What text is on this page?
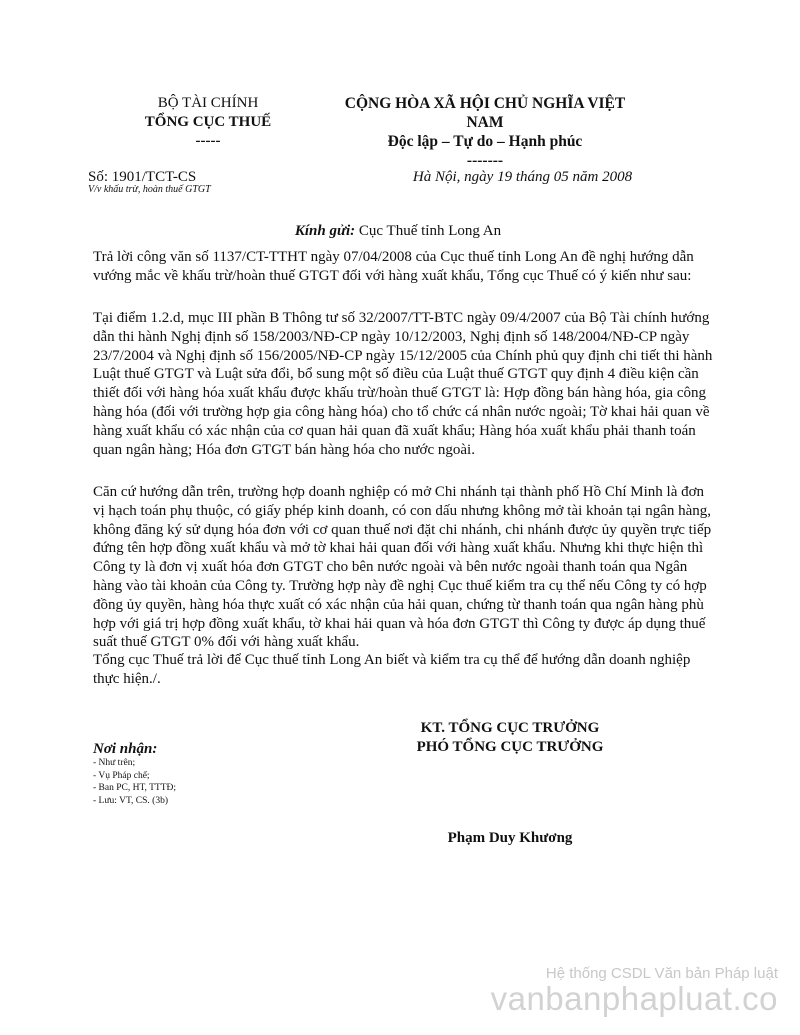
BỘ TÀI CHÍNH
TỔNG CỤC THUẾ
-----
CỘNG HÒA XÃ HỘI CHỦ NGHĨA VIỆT
NAM
Độc lập – Tự do – Hạnh phúc
-------
Số: 1901/TCT-CS
V/v khấu trừ, hoàn thuế GTGT
Hà Nội, ngày 19 tháng 05 năm 2008
Kính gửi: Cục Thuế tỉnh Long An
Trả lời công văn số 1137/CT-TTHT ngày 07/04/2008 của Cục thuế tỉnh Long An đề nghị hướng dẫn vướng mắc về khấu trừ/hoàn thuế GTGT đối với hàng xuất khẩu, Tổng cục Thuế có ý kiến như sau:
Tại điểm 1.2.d, mục III phần B Thông tư số 32/2007/TT-BTC ngày 09/4/2007 của Bộ Tài chính hướng dẫn thi hành Nghị định số 158/2003/NĐ-CP ngày 10/12/2003, Nghị định số 148/2004/NĐ-CP ngày 23/7/2004 và Nghị định số 156/2005/NĐ-CP ngày 15/12/2005 của Chính phủ quy định chi tiết thi hành Luật thuế GTGT và Luật sửa đổi, bổ sung một số điều của Luật thuế GTGT quy định 4 điều kiện cần thiết đối với hàng hóa xuất khẩu được khấu trừ/hoàn thuế GTGT là: Hợp đồng bán hàng hóa, gia công hàng hóa (đối với trường hợp gia công hàng hóa) cho tổ chức cá nhân nước ngoài; Tờ khai hải quan về hàng xuất khẩu có xác nhận của cơ quan hải quan đã xuất khẩu; Hàng hóa xuất khẩu phải thanh toán quan ngân hàng; Hóa đơn GTGT bán hàng hóa cho nước ngoài.
Căn cứ hướng dẫn trên, trường hợp doanh nghiệp có mở Chi nhánh tại thành phố Hồ Chí Minh là đơn vị hạch toán phụ thuộc, có giấy phép kinh doanh, có con dấu nhưng không mở tài khoản tại ngân hàng, không đăng ký sử dụng hóa đơn với cơ quan thuế nơi đặt chi nhánh, chi nhánh được ủy quyền trực tiếp đứng tên hợp đồng xuất khẩu và mở tờ khai hải quan đối với hàng xuất khẩu. Nhưng khi thực hiện thì Công ty là đơn vị xuất hóa đơn GTGT cho bên nước ngoài và bên nước ngoài thanh toán qua Ngân hàng vào tài khoản của Công ty. Trường hợp này đề nghị Cục thuế kiểm tra cụ thể nếu Công ty có hợp đồng ủy quyền, hàng hóa thực xuất có xác nhận của hải quan, chứng từ thanh toán qua ngân hàng phù hợp với giá trị hợp đồng xuất khẩu, tờ khai hải quan và hóa đơn GTGT thì Công ty được áp dụng thuế suất thuế GTGT 0% đối với hàng xuất khẩu.
Tổng cục Thuế trả lời để Cục thuế tỉnh Long An biết và kiểm tra cụ thể để hướng dẫn doanh nghiệp thực hiện./.
KT. TỔNG CỤC TRƯỞNG
PHÓ TỔNG CỤC TRƯỞNG
Nơi nhận:
- Như trên;
- Vụ Pháp chế;
- Ban PC, HT, TTTĐ;
- Lưu: VT, CS. (3b)
Phạm Duy Khương
Hệ thống CSDL Văn bản Pháp luật
vanbanphapluat.co
